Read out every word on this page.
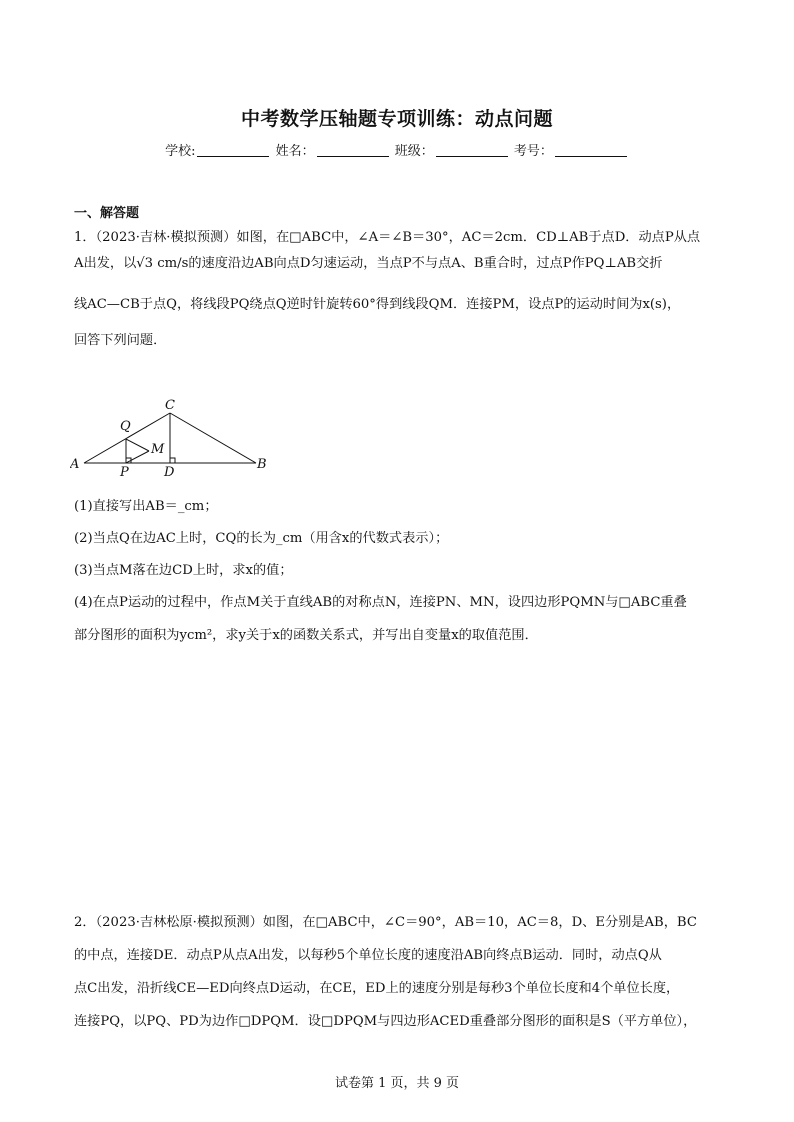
中考数学压轴题专项训练：动点问题
学校:	姓名：	班级：	考号：
一、解答题
1．（2023·吉林·模拟预测）如图，在□ABC中，∠A＝∠B＝30°，AC＝2cm．CD⊥AB于点D．动点P从点
A出发，以√3 cm/s的速度沿边AB向点D匀速运动，当点P不与点A、B重合时，过点P作PQ⊥AB交折
线AC—CB于点Q，将线段PQ绕点Q逆时针旋转60°得到线段QM．连接PM，设点P的运动时间为x(s)，
回答下列问题．
A	B
C
Q
M
P	D
(1)直接写出AB＝_cm；
(2)当点Q在边AC上时，CQ的长为_cm（用含x的代数式表示）；
(3)当点M落在边CD上时，求x的值；
(4)在点P运动的过程中，作点M关于直线AB的对称点N，连接PN、MN，设四边形PQMN与□ABC重叠
部分图形的面积为ycm²，求y关于x的函数关系式，并写出自变量x的取值范围．
2．（2023·吉林松原·模拟预测）如图，在□ABC中，∠C＝90°，AB＝10，AC＝8，D、E分别是AB，BC
的中点，连接DE．动点P从点A出发，以每秒5个单位长度的速度沿AB向终点B运动．同时，动点Q从
点C出发，沿折线CE—ED向终点D运动，在CE，ED上的速度分别是每秒3个单位长度和4个单位长度，
连接PQ，以PQ、PD为边作□DPQM．设□DPQM与四边形ACED重叠部分图形的面积是S（平方单位），
试卷第 1 页，共 9 页
